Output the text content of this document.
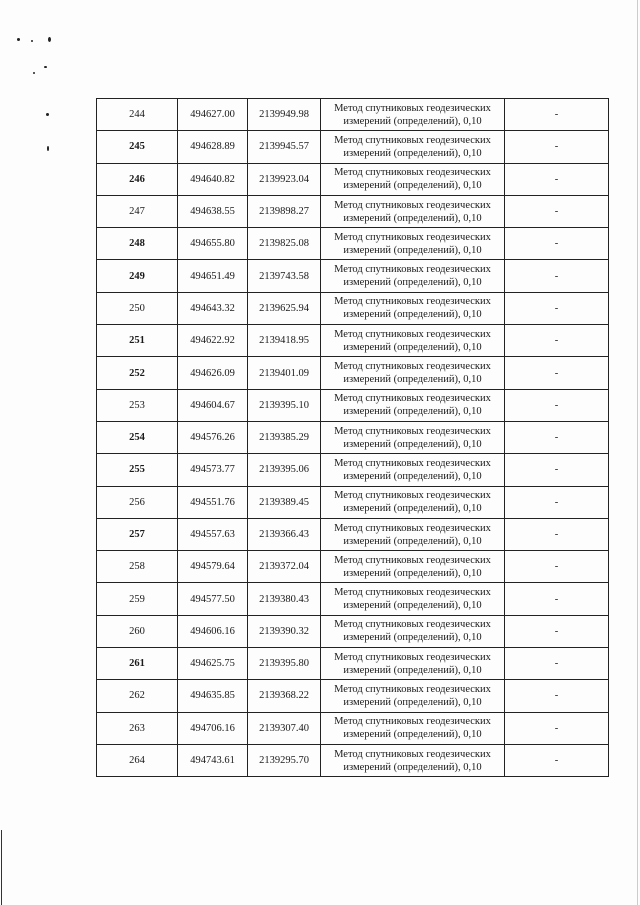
244	494627.00	2139949.98	Метод спутниковых геодезических
измерений (определений), 0,10	-
245	494628.89	2139945.57	Метод спутниковых геодезических
измерений (определений), 0,10	-
246	494640.82	2139923.04	Метод спутниковых геодезических
измерений (определений), 0,10	-
247	494638.55	2139898.27	Метод спутниковых геодезических
измерений (определений), 0,10	-
248	494655.80	2139825.08	Метод спутниковых геодезических
измерений (определений), 0,10	-
249	494651.49	2139743.58	Метод спутниковых геодезических
измерений (определений), 0,10	-
250	494643.32	2139625.94	Метод спутниковых геодезических
измерений (определений), 0,10	-
251	494622.92	2139418.95	Метод спутниковых геодезических
измерений (определений), 0,10	-
252	494626.09	2139401.09	Метод спутниковых геодезических
измерений (определений), 0,10	-
253	494604.67	2139395.10	Метод спутниковых геодезических
измерений (определений), 0,10	-
254	494576.26	2139385.29	Метод спутниковых геодезических
измерений (определений), 0,10	-
255	494573.77	2139395.06	Метод спутниковых геодезических
измерений (определений), 0,10	-
256	494551.76	2139389.45	Метод спутниковых геодезических
измерений (определений), 0,10	-
257	494557.63	2139366.43	Метод спутниковых геодезических
измерений (определений), 0,10	-
258	494579.64	2139372.04	Метод спутниковых геодезических
измерений (определений), 0,10	-
259	494577.50	2139380.43	Метод спутниковых геодезических
измерений (определений), 0,10	-
260	494606.16	2139390.32	Метод спутниковых геодезических
измерений (определений), 0,10	-
261	494625.75	2139395.80	Метод спутниковых геодезических
измерений (определений), 0,10	-
262	494635.85	2139368.22	Метод спутниковых геодезических
измерений (определений), 0,10	-
263	494706.16	2139307.40	Метод спутниковых геодезических
измерений (определений), 0,10	-
264	494743.61	2139295.70	Метод спутниковых геодезических
измерений (определений), 0,10	-
